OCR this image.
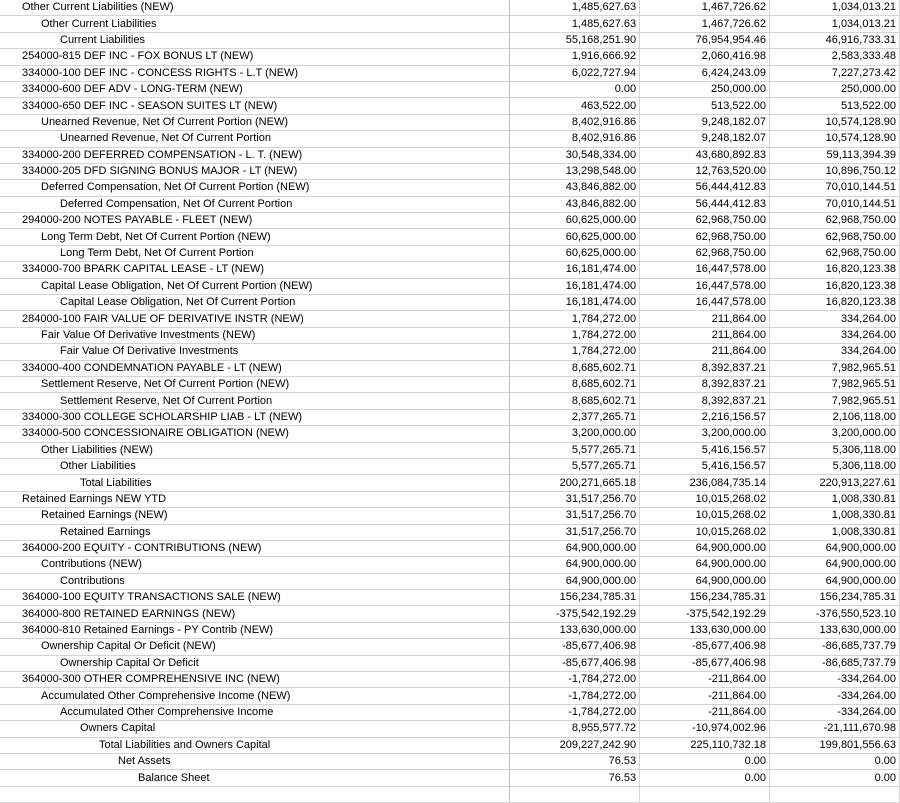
Other Current Liabilities (NEW)	1,485,627.63	1,467,726.62	1,034,013.21
Other Current Liabilities	1,485,627.63	1,467,726.62	1,034,013.21
Current Liabilities	55,168,251.90	76,954,954.46	46,916,733.31
254000-815 DEF INC - FOX BONUS LT (NEW)	1,916,666.92	2,060,416.98	2,583,333.48
334000-100 DEF INC - CONCESS RIGHTS - L.T (NEW)	6,022,727.94	6,424,243.09	7,227,273.42
334000-600 DEF ADV - LONG-TERM (NEW)	0.00	250,000.00	250,000.00
334000-650 DEF INC - SEASON SUITES LT (NEW)	463,522.00	513,522.00	513,522.00
Unearned Revenue, Net Of Current Portion (NEW)	8,402,916.86	9,248,182.07	10,574,128.90
Unearned Revenue, Net Of Current Portion	8,402,916.86	9,248,182.07	10,574,128.90
334000-200 DEFERRED COMPENSATION - L. T. (NEW)	30,548,334.00	43,680,892.83	59,113,394.39
334000-205 DFD SIGNING BONUS MAJOR - LT (NEW)	13,298,548.00	12,763,520.00	10,896,750.12
Deferred Compensation, Net Of Current Portion (NEW)	43,846,882.00	56,444,412.83	70,010,144.51
Deferred Compensation, Net Of Current Portion	43,846,882.00	56,444,412.83	70,010,144.51
294000-200 NOTES PAYABLE - FLEET (NEW)	60,625,000.00	62,968,750.00	62,968,750.00
Long Term Debt, Net Of Current Portion (NEW)	60,625,000.00	62,968,750.00	62,968,750.00
Long Term Debt, Net Of Current Portion	60,625,000.00	62,968,750.00	62,968,750.00
334000-700 BPARK CAPITAL LEASE - LT (NEW)	16,181,474.00	16,447,578.00	16,820,123.38
Capital Lease Obligation, Net Of Current Portion (NEW)	16,181,474.00	16,447,578.00	16,820,123.38
Capital Lease Obligation, Net Of Current Portion	16,181,474.00	16,447,578.00	16,820,123.38
284000-100 FAIR VALUE OF DERIVATIVE INSTR (NEW)	1,784,272.00	211,864.00	334,264.00
Fair Value Of Derivative Investments (NEW)	1,784,272.00	211,864.00	334,264.00
Fair Value Of Derivative Investments	1,784,272.00	211,864.00	334,264.00
334000-400 CONDEMNATION PAYABLE - LT (NEW)	8,685,602.71	8,392,837.21	7,982,965.51
Settlement Reserve, Net Of Current Portion (NEW)	8,685,602.71	8,392,837.21	7,982,965.51
Settlement Reserve, Net Of Current Portion	8,685,602.71	8,392,837.21	7,982,965.51
334000-300 COLLEGE SCHOLARSHIP LIAB - LT (NEW)	2,377,265.71	2,216,156.57	2,106,118.00
334000-500 CONCESSIONAIRE OBLIGATION (NEW)	3,200,000.00	3,200,000.00	3,200,000.00
Other Liabilities (NEW)	5,577,265.71	5,416,156.57	5,306,118.00
Other Liabilities	5,577,265.71	5,416,156.57	5,306,118.00
Total Liabilities	200,271,665.18	236,084,735.14	220,913,227.61
Retained Earnings NEW YTD	31,517,256.70	10,015,268.02	1,008,330.81
Retained Earnings (NEW)	31,517,256.70	10,015,268.02	1,008,330.81
Retained Earnings	31,517,256.70	10,015,268.02	1,008,330.81
364000-200 EQUITY - CONTRIBUTIONS (NEW)	64,900,000.00	64,900,000.00	64,900,000.00
Contributions (NEW)	64,900,000.00	64,900,000.00	64,900,000.00
Contributions	64,900,000.00	64,900,000.00	64,900,000.00
364000-100 EQUITY TRANSACTIONS SALE (NEW)	156,234,785.31	156,234,785.31	156,234,785.31
364000-800 RETAINED EARNINGS (NEW)	-375,542,192.29	-375,542,192.29	-376,550,523.10
364000-810 Retained Earnings - PY Contrib (NEW)	133,630,000.00	133,630,000.00	133,630,000.00
Ownership Capital Or Deficit (NEW)	-85,677,406.98	-85,677,406.98	-86,685,737.79
Ownership Capital Or Deficit	-85,677,406.98	-85,677,406.98	-86,685,737.79
364000-300 OTHER COMPREHENSIVE INC (NEW)	-1,784,272.00	-211,864.00	-334,264.00
Accumulated Other Comprehensive Income (NEW)	-1,784,272.00	-211,864.00	-334,264.00
Accumulated Other Comprehensive Income	-1,784,272.00	-211,864.00	-334,264.00
Owners Capital	8,955,577.72	-10,974,002.96	-21,111,670.98
Total Liabilities and Owners Capital	209,227,242.90	225,110,732.18	199,801,556.63
Net Assets	76.53	0.00	0.00
Balance Sheet	76.53	0.00	0.00
